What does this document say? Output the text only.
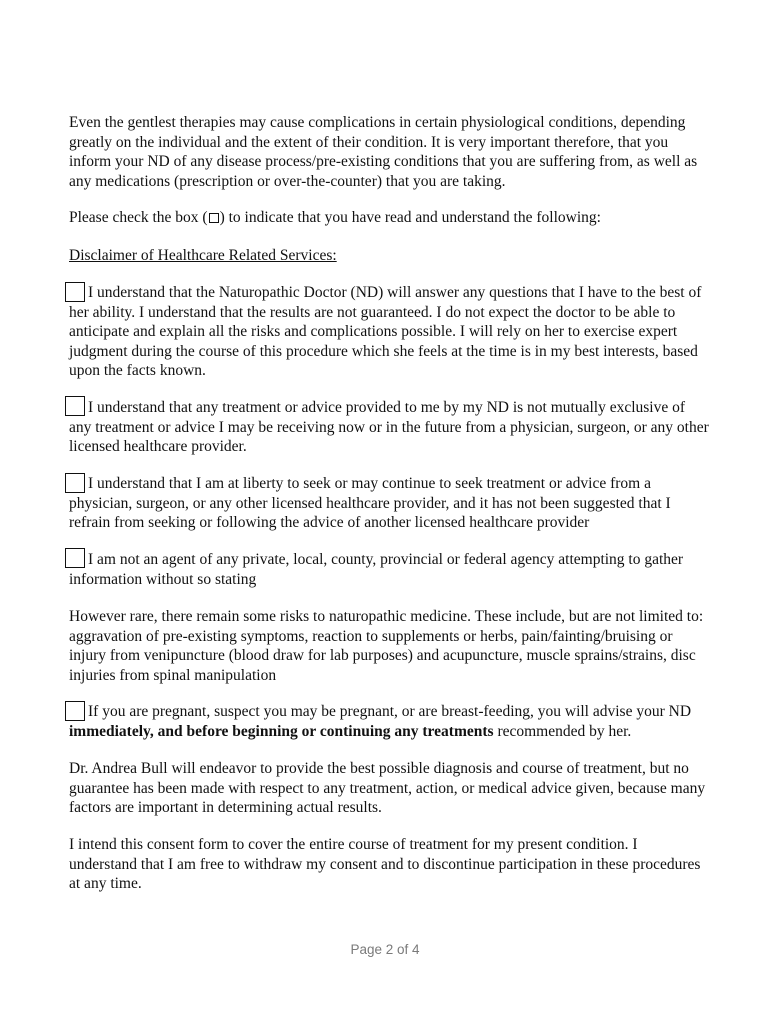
Even the gentlest therapies may cause complications in certain physiological conditions, depending greatly on the individual and the extent of their condition. It is very important therefore, that you inform your ND of any disease process/pre-existing conditions that you are suffering from, as well as any medications (prescription or over-the-counter) that you are taking.

Please check the box ( ) to indicate that you have read and understand the following:

Disclaimer of Healthcare Related Services:

I understand that the Naturopathic Doctor (ND) will answer any questions that I have to the best of her ability. I understand that the results are not guaranteed. I do not expect the doctor to be able to anticipate and explain all the risks and complications possible. I will rely on her to exercise expert judgment during the course of this procedure which she feels at the time is in my best interests, based upon the facts known.

I understand that any treatment or advice provided to me by my ND is not mutually exclusive of any treatment or advice I may be receiving now or in the future from a physician, surgeon, or any other licensed healthcare provider.

I understand that I am at liberty to seek or may continue to seek treatment or advice from a physician, surgeon, or any other licensed healthcare provider, and it has not been suggested that I refrain from seeking or following the advice of another licensed healthcare provider

I am not an agent of any private, local, county, provincial or federal agency attempting to gather information without so stating

However rare, there remain some risks to naturopathic medicine. These include, but are not limited to: aggravation of pre-existing symptoms, reaction to supplements or herbs, pain/fainting/bruising or injury from venipuncture (blood draw for lab purposes) and acupuncture, muscle sprains/strains, disc injuries from spinal manipulation

If you are pregnant, suspect you may be pregnant, or are breast-feeding, you will advise your ND immediately, and before beginning or continuing any treatments recommended by her.

Dr. Andrea Bull will endeavor to provide the best possible diagnosis and course of treatment, but no guarantee has been made with respect to any treatment, action, or medical advice given, because many factors are important in determining actual results.

I intend this consent form to cover the entire course of treatment for my present condition. I understand that I am free to withdraw my consent and to discontinue participation in these procedures at any time.

Page 2 of 4
